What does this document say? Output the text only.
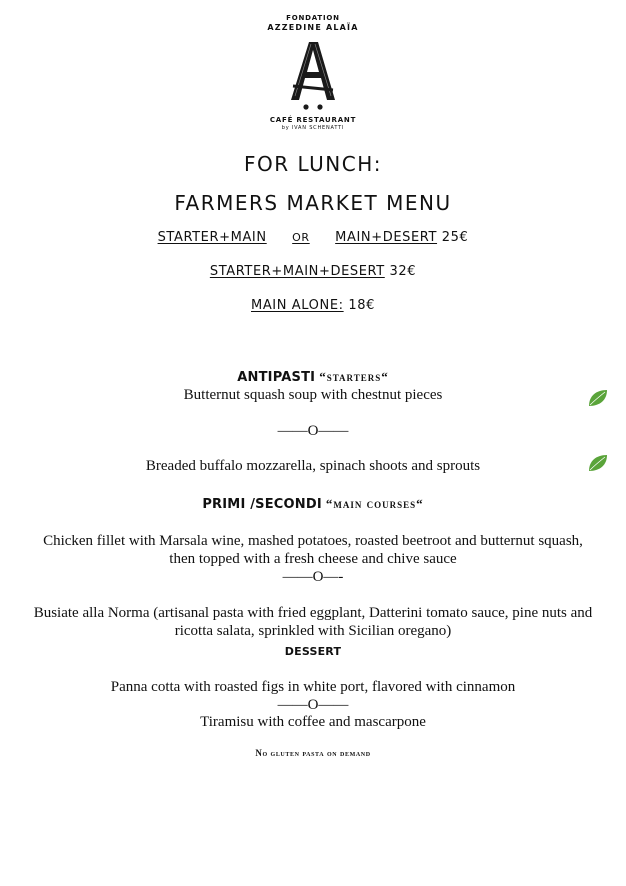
FONDATION
AZZEDINE ALAÏA
CAFÉ RESTAURANT
by IVAN SCHENATTI
FOR LUNCH:
FARMERS MARKET MENU
STARTER+MAIN OR MAIN+DESERT 25€
STARTER+MAIN+DESERT 32€
MAIN ALONE: 18€
ANTIPASTI “starters“
Butternut squash soup with chestnut pieces
——O——
Breaded buffalo mozzarella, spinach shoots and sprouts
PRIMI /SECONDI “main courses“
Chicken fillet with Marsala wine, mashed potatoes, roasted beetroot and butternut squash,
then topped with a fresh cheese and chive sauce
——O—-
Busiate alla Norma (artisanal pasta with fried eggplant, Datterini tomato sauce, pine nuts and
ricotta salata, sprinkled with Sicilian oregano)
DESSERT
Panna cotta with roasted figs in white port, flavored with cinnamon
——O——
Tiramisu with coffee and mascarpone
No gluten pasta on demand
